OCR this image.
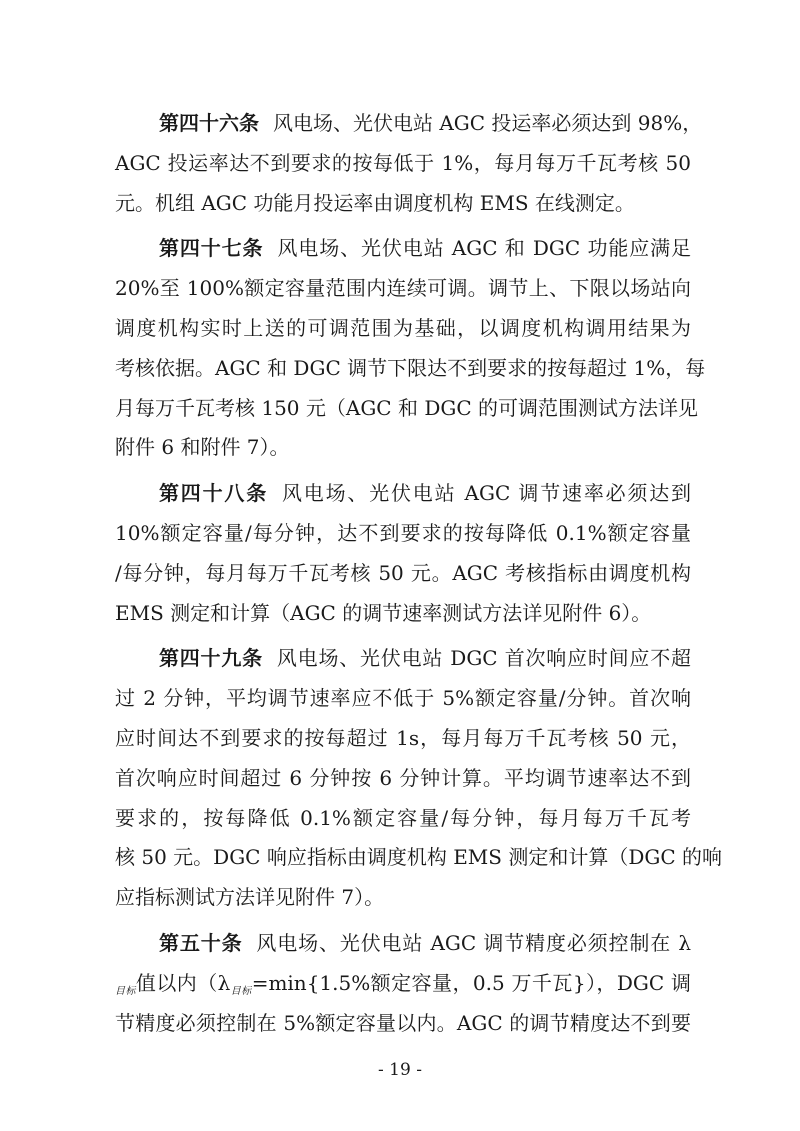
第四十六条 风电场、光伏电站 AGC 投运率必须达到 98%，
AGC 投运率达不到要求的按每低于 1%，每月每万千瓦考核 50
元。机组 AGC 功能月投运率由调度机构 EMS 在线测定。
第四十七条 风电场、光伏电站 AGC 和 DGC 功能应满足
20%至 100%额定容量范围内连续可调。调节上、下限以场站向
调度机构实时上送的可调范围为基础，以调度机构调用结果为
考核依据。AGC 和 DGC 调节下限达不到要求的按每超过 1%，每
月每万千瓦考核 150 元（AGC 和 DGC 的可调范围测试方法详见
附件 6 和附件 7）。
第四十八条 风电场、光伏电站 AGC 调节速率必须达到
10%额定容量/每分钟，达不到要求的按每降低 0.1%额定容量
/每分钟，每月每万千瓦考核 50 元。AGC 考核指标由调度机构
EMS 测定和计算（AGC 的调节速率测试方法详见附件 6）。
第四十九条 风电场、光伏电站 DGC 首次响应时间应不超
过 2 分钟，平均调节速率应不低于 5%额定容量/分钟。首次响
应时间达不到要求的按每超过 1s，每月每万千瓦考核 50 元，
首次响应时间超过 6 分钟按 6 分钟计算。平均调节速率达不到
要求的，按每降低 0.1%额定容量/每分钟，每月每万千瓦考
核 50 元。DGC 响应指标由调度机构 EMS 测定和计算（DGC 的响
应指标测试方法详见附件 7）。
第五十条 风电场、光伏电站 AGC 调节精度必须控制在 λ
$_{目标}$值以内（$\lambda_{目标}=\min\{1.5\%$额定容量，0.5 万千瓦}），DGC 调
节精度必须控制在 5%额定容量以内。AGC 的调节精度达不到要
- 19 -
